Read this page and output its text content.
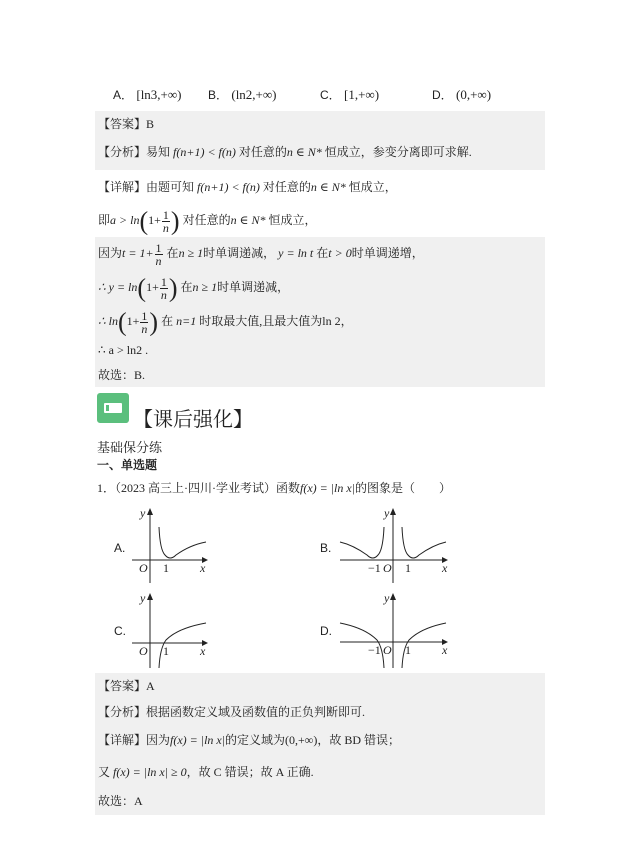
A． [ln3,+∞) B． (ln2,+∞)	C． [1,+∞)	D． (0,+∞)
【答案】B
【分析】易知 f(n+1) < f(n) 对任意的n ∈ N* 恒成立，参变分离即可求解.
【详解】由题可知 f(n+1) < f(n) 对任意的n ∈ N* 恒成立，
即$a > \ln(1+ \frac{1}{n}$ ) 对任意的n ∈ N* 恒成立，
因为$t = 1+ \frac{1}{n}$ 在n ≥ 1时单调递减， y = ln t 在t > 0时单调递增，
∴ $y = \ln(1+ \frac{1}{n}$ ) 在n ≥ 1时单调递减，
∴ $\ln(1+ \frac{1}{n}$ ) 在 n=1 时取最大值,且最大值为ln 2，
∴ a > ln2 .
故选：B.
【课后强化】
基础保分练
一、单选题
1．（2023 高三上·四川·学业考试）函数f(x) = |ln x|的图象是（　　）
A.
y
O 1	x
B.
y
−1 O 1	x
C.
y
O 1	x
D.
y
−1 O 1	x
【答案】A
【分析】根据函数定义域及函数值的正负判断即可.
【详解】因为f(x) = |ln x|的定义域为(0,+∞)，故 BD 错误；
又 f(x) = |ln x| ≥ 0，故 C 错误；故 A 正确.
故选：A
